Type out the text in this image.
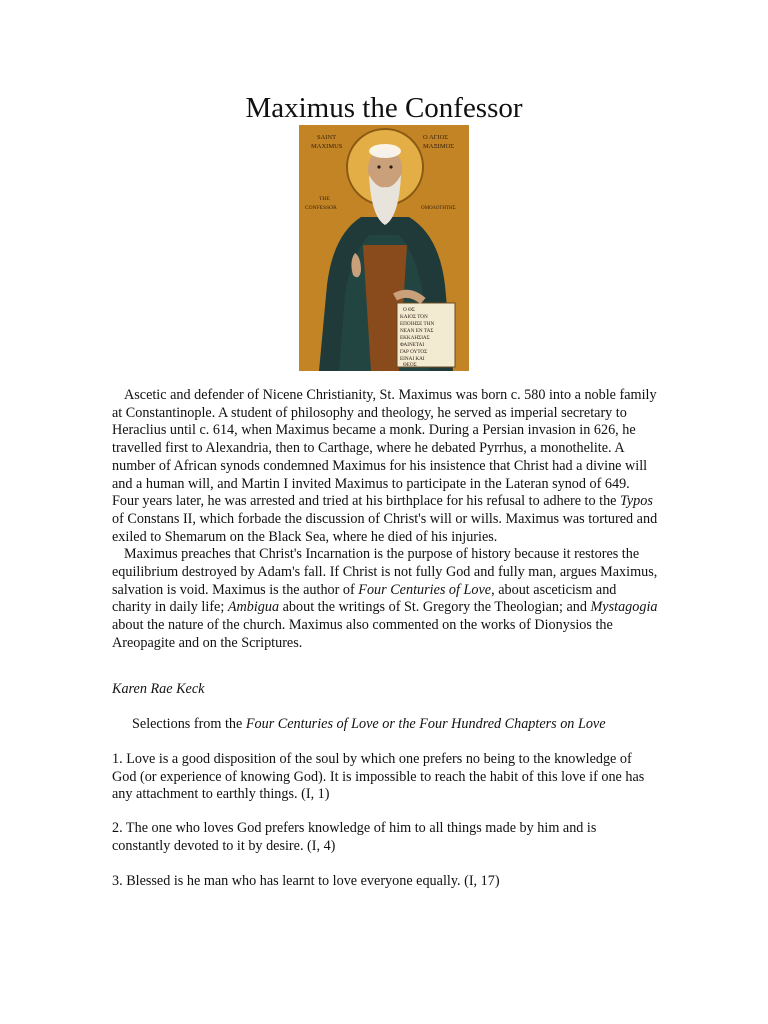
Maximus the Confessor
SAINT
MAXIMUS
Ο ΑΓΙΟΣ
ΜΑΞΙΜΟΣ
THE
CONFESSOR	ΟΜΟΛΟΓΗΤΗΣ
Ο ΘΣ
ΚΑΙΟΣ ΤΟΝ
ΕΠΟΙΗΣΕ ΤΗΝ
ΝΕΑΝ ΕΝ ΤΑΣ
ΕΚΚΛΗΣΙΑΣ
ΦΑΙΝΕΤΑΙ
ΓΑΡ ΟΥΤΟΣ
ΕΙΝΑΙ ΚΑΙ
ΘΕΟΣ

Ascetic and defender of Nicene Christianity, St. Maximus was born c. 580 into a noble family at Constantinople. A student of philosophy and theology, he served as imperial secretary to Heraclius until c. 614, when Maximus became a monk. During a Persian invasion in 626, he travelled first to Alexandria, then to Carthage, where he debated Pyrrhus, a monothelite. A number of African synods condemned Maximus for his insistence that Christ had a divine will and a human will, and Martin I invited Maximus to participate in the Lateran synod of 649. Four years later, he was arrested and tried at his birthplace for his refusal to adhere to the Typos of Constans II, which forbade the discussion of Christ's will or wills. Maximus was tortured and exiled to Shemarum on the Black Sea, where he died of his injuries.

Maximus preaches that Christ's Incarnation is the purpose of history because it restores the equilibrium destroyed by Adam's fall. If Christ is not fully God and fully man, argues Maximus, salvation is void. Maximus is the author of Four Centuries of Love, about asceticism and charity in daily life; Ambigua about the writings of St. Gregory the Theologian; and Mystagogia about the nature of the church. Maximus also commented on the works of Dionysios the Areopagite and on the Scriptures.

Karen Rae Keck

Selections from the Four Centuries of Love or the Four Hundred Chapters on Love

1. Love is a good disposition of the soul by which one prefers no being to the knowledge of God (or experience of knowing God). It is impossible to reach the habit of this love if one has any attachment to earthly things. (I, 1)

2. The one who loves God prefers knowledge of him to all things made by him and is constantly devoted to it by desire. (I, 4)

3. Blessed is he man who has learnt to love everyone equally. (I, 17)
